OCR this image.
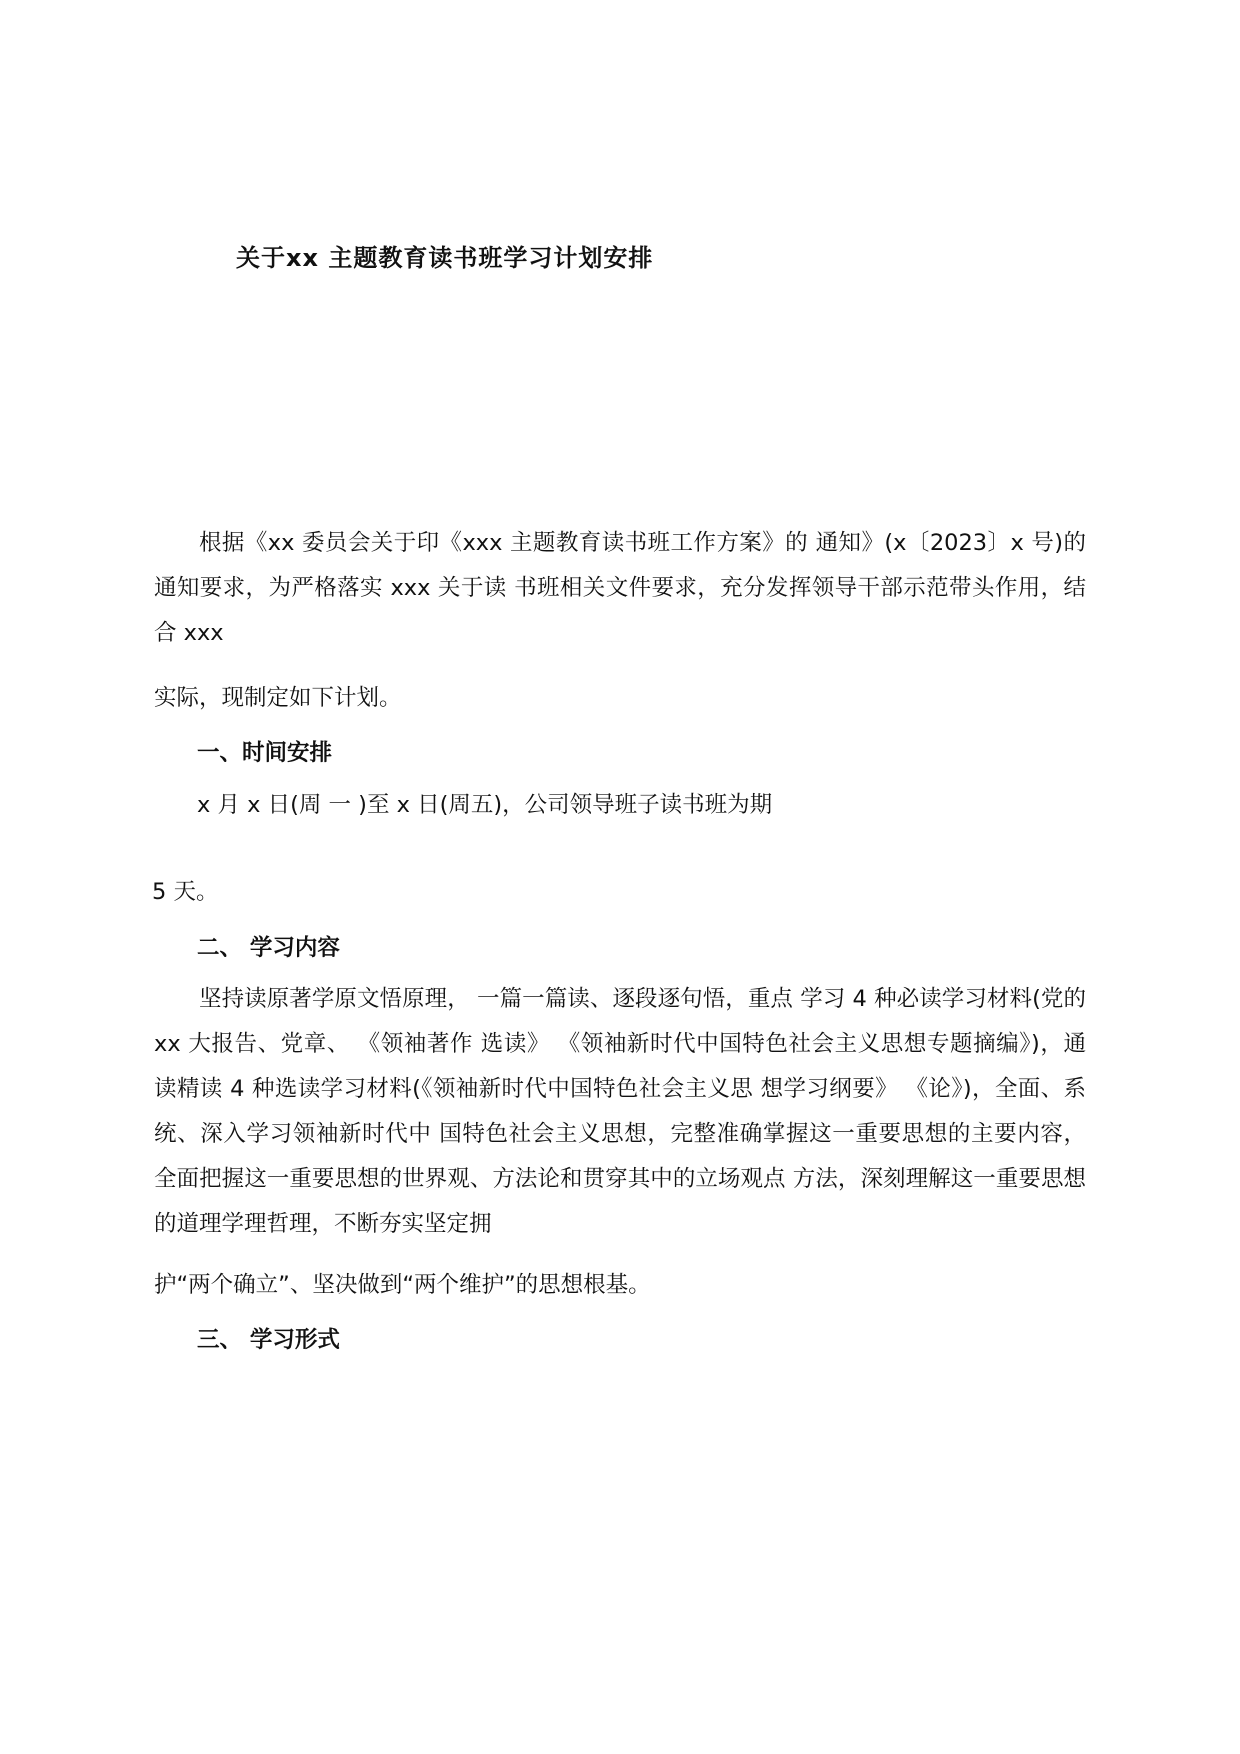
关于xx 主题教育读书班学习计划安排

根据《xx 委员会关于印《xxx 主题教育读书班工作方案》的 通知》(x〔2023〕x 号)的通知要求，为严格落实 xxx 关于读 书班相关文件要求，充分发挥领导干部示范带头作用，结合 xxx

实际，现制定如下计划。

一、时间安排

x 月 x 日(周 一 )至 x 日(周五)，公司领导班子读书班为期

5 天。

二、 学习内容

坚持读原著学原文悟原理， 一篇一篇读、逐段逐句悟，重点 学习 4 种必读学习材料(党的 xx 大报告、党章、 《领袖著作 选读》 《领袖新时代中国特色社会主义思想专题摘编》)，通 读精读 4 种选读学习材料(《领袖新时代中国特色社会主义思 想学习纲要》 《论》)，全面、系统、深入学习领袖新时代中 国特色社会主义思想，完整准确掌握这一重要思想的主要内容， 全面把握这一重要思想的世界观、方法论和贯穿其中的立场观点 方法，深刻理解这一重要思想的道理学理哲理，不断夯实坚定拥

护“两个确立”、坚决做到“两个维护”的思想根基。

三、 学习形式
